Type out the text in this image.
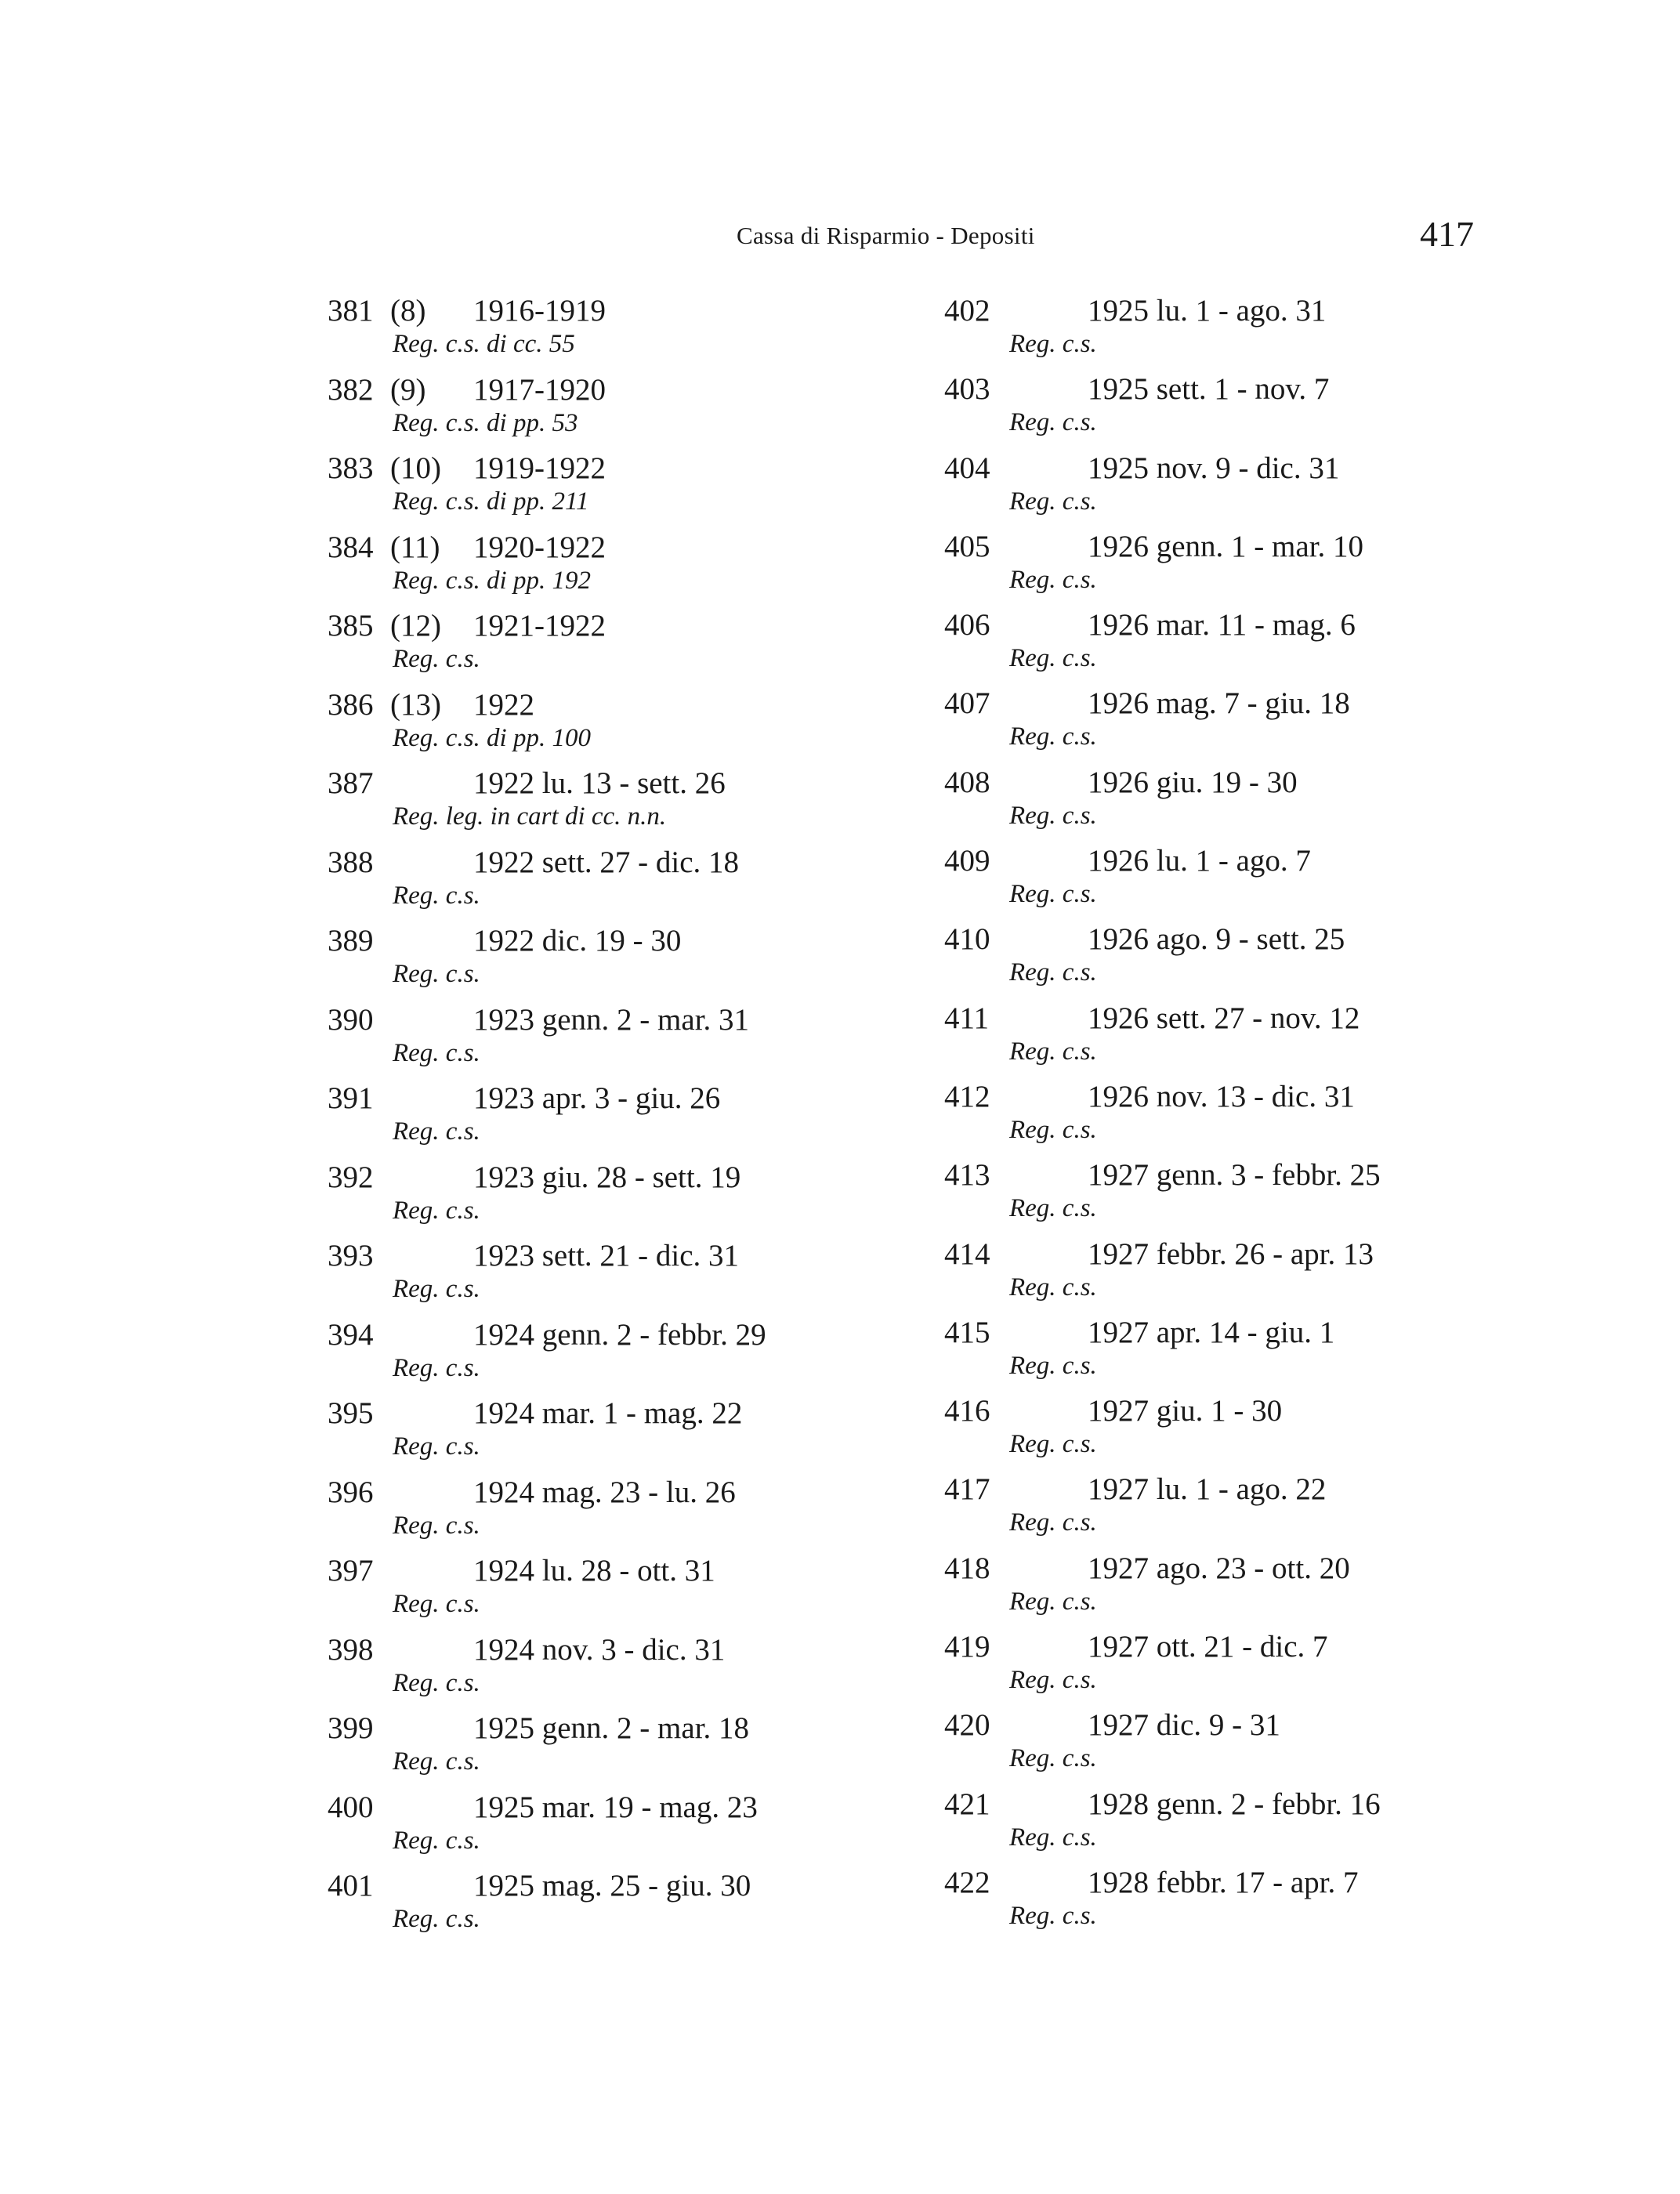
Cassa di Risparmio - Depositi	417
381 (8) 1916-1919
Reg. c.s. di cc. 55
382 (9) 1917-1920
Reg. c.s. di pp. 53
383 (10) 1919-1922
Reg. c.s. di pp. 211
384 (11) 1920-1922
Reg. c.s. di pp. 192
385 (12) 1921-1922
Reg. c.s.
386 (13) 1922
Reg. c.s. di pp. 100
387	1922 lu. 13 - sett. 26
Reg. leg. in cart di cc. n.n.
388	1922 sett. 27 - dic. 18
Reg. c.s.
389	1922 dic. 19 - 30
Reg. c.s.
390	1923 genn. 2 - mar. 31
Reg. c.s.
391	1923 apr. 3 - giu. 26
Reg. c.s.
392	1923 giu. 28 - sett. 19
Reg. c.s.
393	1923 sett. 21 - dic. 31
Reg. c.s.
394	1924 genn. 2 - febbr. 29
Reg. c.s.
395	1924 mar. 1 - mag. 22
Reg. c.s.
396	1924 mag. 23 - lu. 26
Reg. c.s.
397	1924 lu. 28 - ott. 31
Reg. c.s.
398	1924 nov. 3 - dic. 31
Reg. c.s.
399	1925 genn. 2 - mar. 18
Reg. c.s.
400	1925 mar. 19 - mag. 23
Reg. c.s.
401	1925 mag. 25 - giu. 30
Reg. c.s.
402	1925 lu. 1 - ago. 31
Reg. c.s.
403	1925 sett. 1 - nov. 7
Reg. c.s.
404	1925 nov. 9 - dic. 31
Reg. c.s.
405	1926 genn. 1 - mar. 10
Reg. c.s.
406	1926 mar. 11 - mag. 6
Reg. c.s.
407	1926 mag. 7 - giu. 18
Reg. c.s.
408	1926 giu. 19 - 30
Reg. c.s.
409	1926 lu. 1 - ago. 7
Reg. c.s.
410	1926 ago. 9 - sett. 25
Reg. c.s.
411	1926 sett. 27 - nov. 12
Reg. c.s.
412	1926 nov. 13 - dic. 31
Reg. c.s.
413	1927 genn. 3 - febbr. 25
Reg. c.s.
414	1927 febbr. 26 - apr. 13
Reg. c.s.
415	1927 apr. 14 - giu. 1
Reg. c.s.
416	1927 giu. 1 - 30
Reg. c.s.
417	1927 lu. 1 - ago. 22
Reg. c.s.
418	1927 ago. 23 - ott. 20
Reg. c.s.
419	1927 ott. 21 - dic. 7
Reg. c.s.
420	1927 dic. 9 - 31
Reg. c.s.
421	1928 genn. 2 - febbr. 16
Reg. c.s.
422	1928 febbr. 17 - apr. 7
Reg. c.s.
